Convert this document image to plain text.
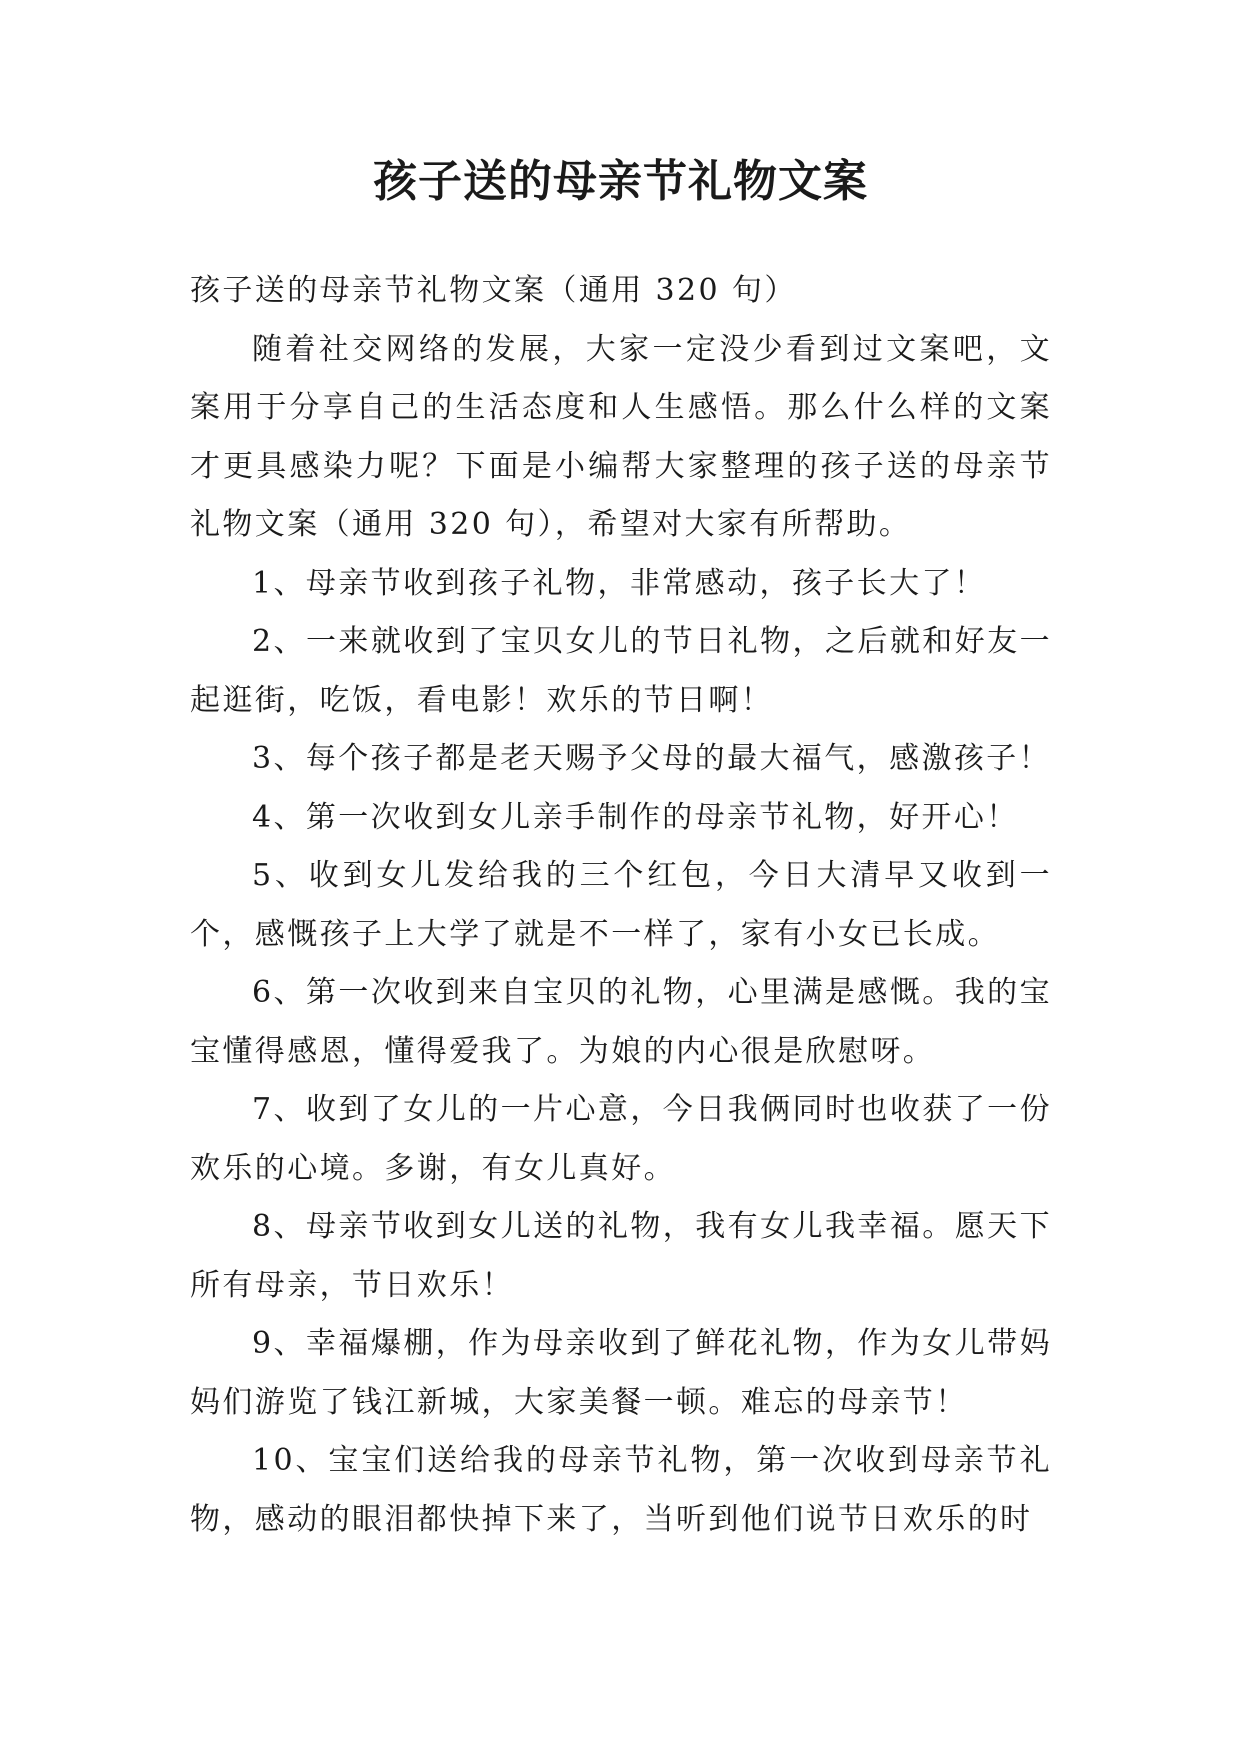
孩子送的母亲节礼物文案

孩子送的母亲节礼物文案（通用 320 句）

随着社交网络的发展，大家一定没少看到过文案吧，文案用于分享自己的生活态度和人生感悟。那么什么样的文案才更具感染力呢？下面是小编帮大家整理的孩子送的母亲节礼物文案（通用 320 句），希望对大家有所帮助。

1、母亲节收到孩子礼物，非常感动，孩子长大了！

2、一来就收到了宝贝女儿的节日礼物，之后就和好友一起逛街，吃饭，看电影！欢乐的节日啊！

3、每个孩子都是老天赐予父母的最大福气，感激孩子！

4、第一次收到女儿亲手制作的母亲节礼物，好开心！

5、收到女儿发给我的三个红包，今日大清早又收到一个，感慨孩子上大学了就是不一样了，家有小女已长成。

6、第一次收到来自宝贝的礼物，心里满是感慨。我的宝宝懂得感恩，懂得爱我了。为娘的内心很是欣慰呀。

7、收到了女儿的一片心意，今日我俩同时也收获了一份欢乐的心境。多谢，有女儿真好。

8、母亲节收到女儿送的礼物，我有女儿我幸福。愿天下所有母亲，节日欢乐！

9、幸福爆棚，作为母亲收到了鲜花礼物，作为女儿带妈妈们游览了钱江新城，大家美餐一顿。难忘的母亲节！

10、宝宝们送给我的母亲节礼物，第一次收到母亲节礼物，感动的眼泪都快掉下来了，当听到他们说节日欢乐的时
